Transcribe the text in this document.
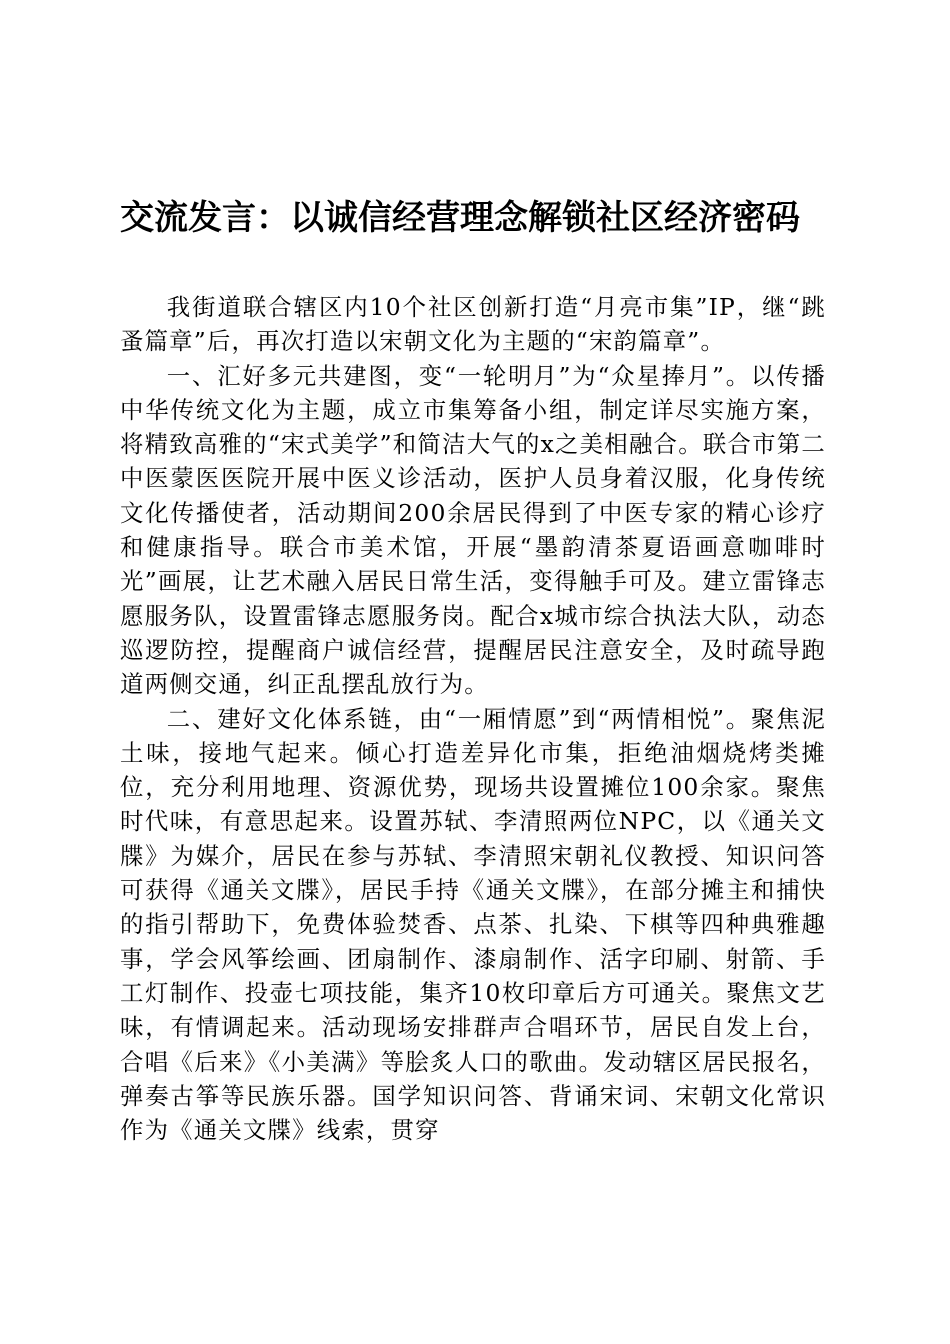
交流发言：以诚信经营理念解锁社区经济密码

我街道联合辖区内10个社区创新打造“月亮市集”IP，继“跳蚤篇章”后，再次打造以宋朝文化为主题的“宋韵篇章”。

一、汇好多元共建图，变“一轮明月”为“众星捧月”。以传播中华传统文化为主题，成立市集筹备小组，制定详尽实施方案，将精致高雅的“宋式美学”和简洁大气的x之美相融合。联合市第二中医蒙医医院开展中医义诊活动，医护人员身着汉服，化身传统文化传播使者，活动期间200余居民得到了中医专家的精心诊疗和健康指导。联合市美术馆，开展“墨韵清茶夏语画意咖啡时光”画展，让艺术融入居民日常生活，变得触手可及。建立雷锋志愿服务队，设置雷锋志愿服务岗。配合x城市综合执法大队，动态巡逻防控，提醒商户诚信经营，提醒居民注意安全，及时疏导跑道两侧交通，纠正乱摆乱放行为。

二、建好文化体系链，由“一厢情愿”到“两情相悦”。聚焦泥土味，接地气起来。倾心打造差异化市集，拒绝油烟烧烤类摊位，充分利用地理、资源优势，现场共设置摊位100余家。聚焦时代味，有意思起来。设置苏轼、李清照两位NPC，以《通关文牒》为媒介，居民在参与苏轼、李清照宋朝礼仪教授、知识问答可获得《通关文牒》，居民手持《通关文牒》，在部分摊主和捕快的指引帮助下，免费体验焚香、点茶、扎染、下棋等四种典雅趣事，学会风筝绘画、团扇制作、漆扇制作、活字印刷、射箭、手工灯制作、投壶七项技能，集齐10枚印章后方可通关。聚焦文艺味，有情调起来。活动现场安排群声合唱环节，居民自发上台，合唱《后来》《小美满》等脍炙人口的歌曲。发动辖区居民报名，弹奏古筝等民族乐器。国学知识问答、背诵宋词、宋朝文化常识作为《通关文牒》线索，贯穿
